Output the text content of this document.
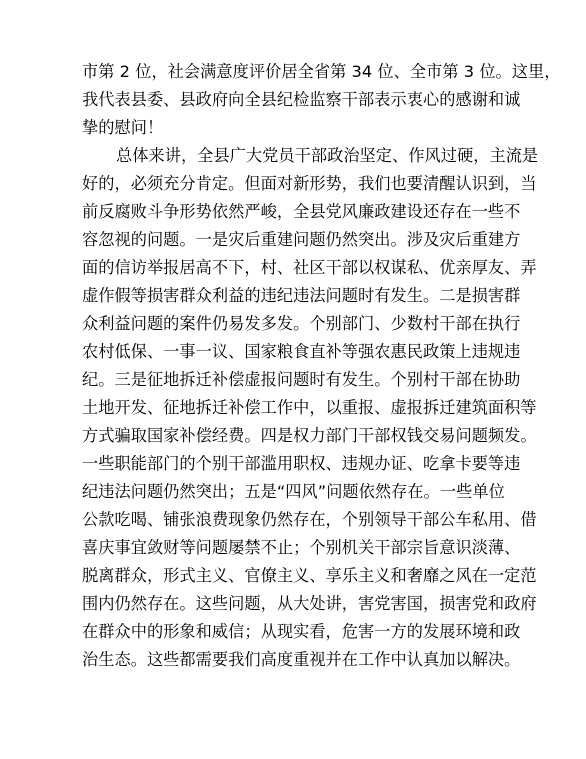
市第 2 位，社会满意度评价居全省第 34 位、全市第 3 位。这里，
我代表县委、县政府向全县纪检监察干部表示衷心的感谢和诚
挚的慰问！
总体来讲，全县广大党员干部政治坚定、作风过硬，主流是
好的，必须充分肯定。但面对新形势，我们也要清醒认识到，当
前反腐败斗争形势依然严峻，全县党风廉政建设还存在一些不
容忽视的问题。一是灾后重建问题仍然突出。涉及灾后重建方
面的信访举报居高不下，村、社区干部以权谋私、优亲厚友、弄
虚作假等损害群众利益的违纪违法问题时有发生。二是损害群
众利益问题的案件仍易发多发。个别部门、少数村干部在执行
农村低保、一事一议、国家粮食直补等强农惠民政策上违规违
纪。三是征地拆迁补偿虚报问题时有发生。个别村干部在协助
土地开发、征地拆迁补偿工作中，以重报、虚报拆迁建筑面积等
方式骗取国家补偿经费。四是权力部门干部权钱交易问题频发。
一些职能部门的个别干部滥用职权、违规办证、吃拿卡要等违
纪违法问题仍然突出；五是“四风”问题依然存在。一些单位
公款吃喝、铺张浪费现象仍然存在，个别领导干部公车私用、借
喜庆事宜敛财等问题屡禁不止；个别机关干部宗旨意识淡薄、
脱离群众，形式主义、官僚主义、享乐主义和奢靡之风在一定范
围内仍然存在。这些问题，从大处讲，害党害国，损害党和政府
在群众中的形象和威信；从现实看，危害一方的发展环境和政
治生态。这些都需要我们高度重视并在工作中认真加以解决。
